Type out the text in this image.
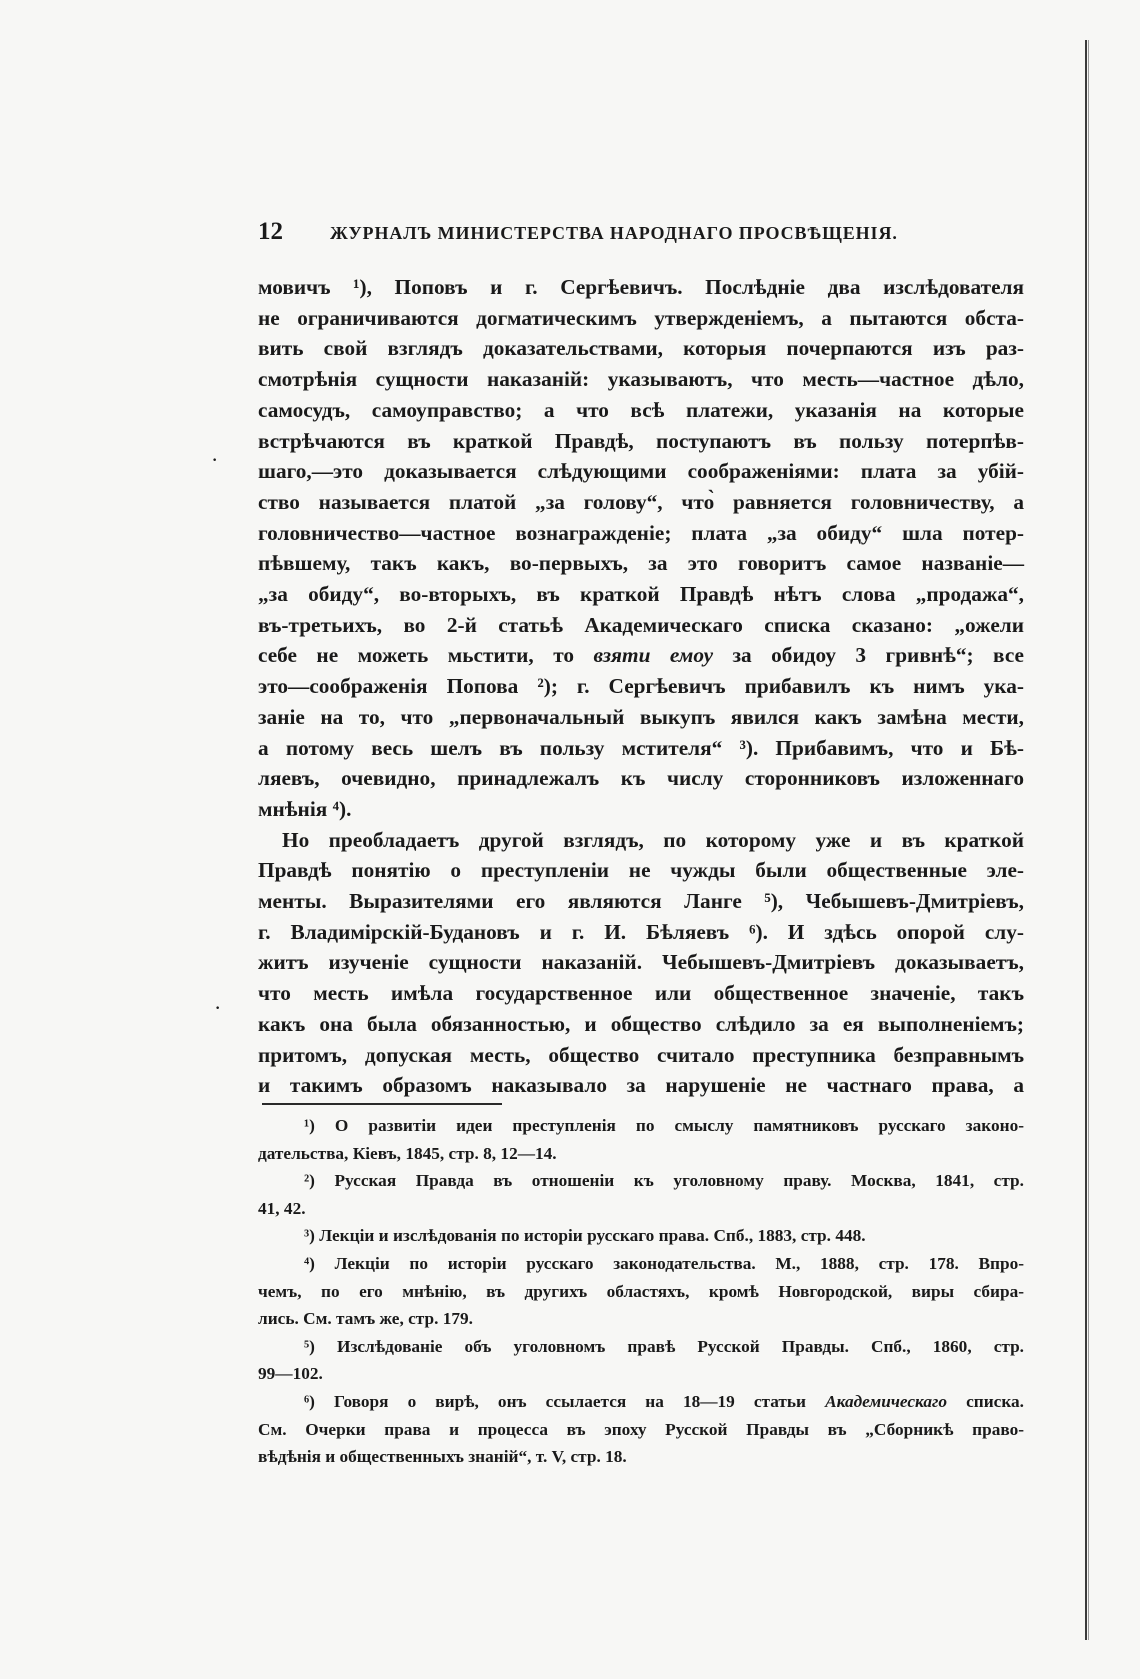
12	ЖУРНАЛЪ МИНИСТЕРСТВА НАРОДНАГО ПРОСВѢЩЕНІЯ.
мовичъ ¹), Поповъ и г. Сергѣевичъ. Послѣдніе два изслѣдователя
не ограничиваются догматическимъ утвержденіемъ, а пытаются обста-
вить свой взглядъ доказательствами, которыя почерпаются изъ раз-
смотрѣнія сущности наказаній: указываютъ, что месть—частное дѣло,
самосудъ, самоуправство; а что всѣ платежи, указанія на которые
встрѣчаются въ краткой Правдѣ, поступаютъ въ пользу потерпѣв-
шаго,—это доказывается слѣдующими соображеніями: плата за убій-
ство называется платой „за голову“, что̀ равняется головничеству, а
головничество—частное вознагражденіе; плата „за обиду“ шла потер-
пѣвшему, такъ какъ, во-первыхъ, за это говоритъ самое названіе—
„за обиду“, во-вторыхъ, въ краткой Правдѣ нѣтъ слова „продажа“,
въ-третьихъ, во 2-й статьѣ Академическаго списка сказано: „ожели
себе не можеть мьстити, то взяти емоу за обидоу 3 гривнѣ“; все
это—соображенія Попова ²); г. Сергѣевичъ прибавилъ къ нимъ ука-
заніе на то, что „первоначальный выкупъ явился какъ замѣна мести,
а потому весь шелъ въ пользу мстителя“ ³). Прибавимъ, что и Бѣ-
ляевъ, очевидно, принадлежалъ къ числу сторонниковъ изложеннаго
мнѣнія ⁴).
Но преобладаетъ другой взглядъ, по которому уже и въ краткой
Правдѣ понятію о преступленіи не чужды были общественные эле-
менты. Выразителями его являются Ланге ⁵), Чебышевъ-Дмитріевъ,
г. Владимірскій-Будановъ и г. И. Бѣляевъ ⁶). И здѣсь опорой слу-
житъ изученіе сущности наказаній. Чебышевъ-Дмитріевъ доказываетъ,
что месть имѣла государственное или общественное значеніе, такъ
какъ она была обязанностью, и общество слѣдило за ея выполненіемъ;
притомъ, допуская месть, общество считало преступника безправнымъ
и такимъ образомъ наказывало за нарушеніе не частнаго права, а
·
·
¹) О развитіи идеи преступленія по смыслу памятниковъ русскаго законо-
дательства, Кіевъ, 1845, стр. 8, 12—14.
²) Русская Правда въ отношеніи къ уголовному праву. Москва, 1841, стр.
41, 42.
³) Лекціи и изслѣдованія по исторіи русскаго права. Спб., 1883, стр. 448.
⁴) Лекціи по исторіи русскаго законодательства. М., 1888, стр. 178. Впро-
чемъ, по его мнѣнію, въ другихъ областяхъ, кромѣ Новгородской, виры сбира-
лись. См. тамъ же, стр. 179.
⁵) Изслѣдованіе объ уголовномъ правѣ Русской Правды. Спб., 1860, стр.
99—102.
⁶) Говоря о вирѣ, онъ ссылается на 18—19 статьи Академическаго списка.
См. Очерки права и процесса въ эпоху Русской Правды въ „Сборникѣ право-
вѣдѣнія и общественныхъ знаній“, т. V, стр. 18.
